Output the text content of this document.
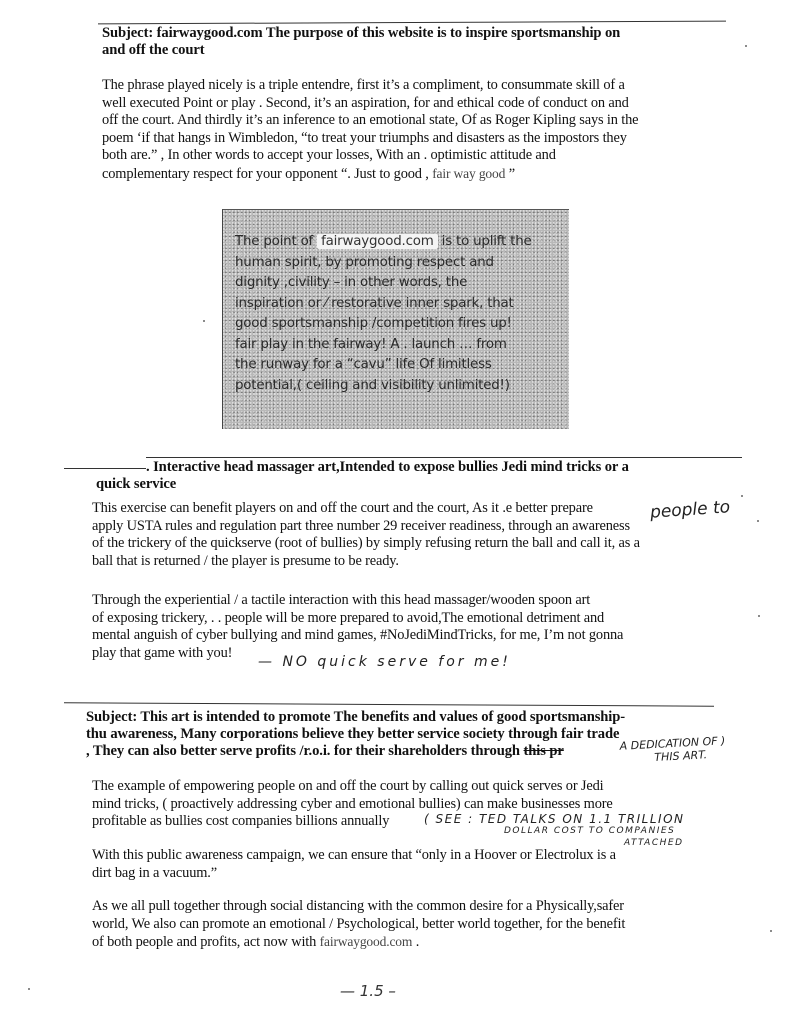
Subject: fairwaygood.com The purpose of this website is to inspire sportsmanship on
and off the court
The phrase played nicely is a triple entendre, first it’s a compliment, to consummate skill of a
well executed Point or play . Second, it’s an aspiration, for and ethical code of conduct on and
off the court. And thirdly it’s an inference to an emotional state, Of as Roger Kipling says in the
poem ‘if that hangs in Wimbledon, “to treat your triumphs and disasters as the impostors they
both are.” , In other words to accept your losses, With an . optimistic attitude and
complementary respect for your opponent “. Just to good , fair way good ”
The point of fairwaygood.com is to uplift the
human spirit, by promoting respect and
dignity ,civility – in other words, the
inspiration or ⁄ restorative inner spark, that
good sportsmanship /competition fires up!
fair play in the fairway! A . launch … from
the runway for a “cavu” life Of limitless
potential,( ceiling and visibility unlimited!)
. Interactive head massager art,Intended to expose bullies Jedi mind tricks or a
quick service
This exercise can benefit players on and off the court and the court, As it .e better prepare
apply USTA rules and regulation part three number 29 receiver readiness, through an awareness
of the trickery of the quickserve (root of bullies) by simply refusing return the ball and call it, as a
ball that is returned / the player is presume to be ready.
people to
Through the experiential / a tactile interaction with this head massager/wooden spoon art
of exposing trickery, . . people will be more prepared to avoid,The emotional detriment and
mental anguish of cyber bullying and mind games, #NoJediMindTricks, for me, I’m not gonna
play that game with you!
— NO quick serve for me!
Subject: This art is intended to promote The benefits and values of good sportsmanship-
thu awareness, Many corporations believe they better service society through fair trade
, They can also better serve profits /r.o.i. for their shareholders through this pr	A DEDICATION OF )
THIS ART.
The example of empowering people on and off the court by calling out quick serves or Jedi
mind tricks, ( proactively addressing cyber and emotional bullies) can make businesses more
profitable as bullies cost companies billions annually	( SEE : TED TALKS ON 1.1 TRILLION
DOLLAR COST TO COMPANIES
ATTACHED
With this public awareness campaign, we can ensure that “only in a Hoover or Electrolux is a
dirt bag in a vacuum.”
As we all pull together through social distancing with the common desire for a Physically,safer
world, We also can promote an emotional / Psychological, better world together, for the benefit
of both people and profits, act now with fairwaygood.com .
— 1.5 –
